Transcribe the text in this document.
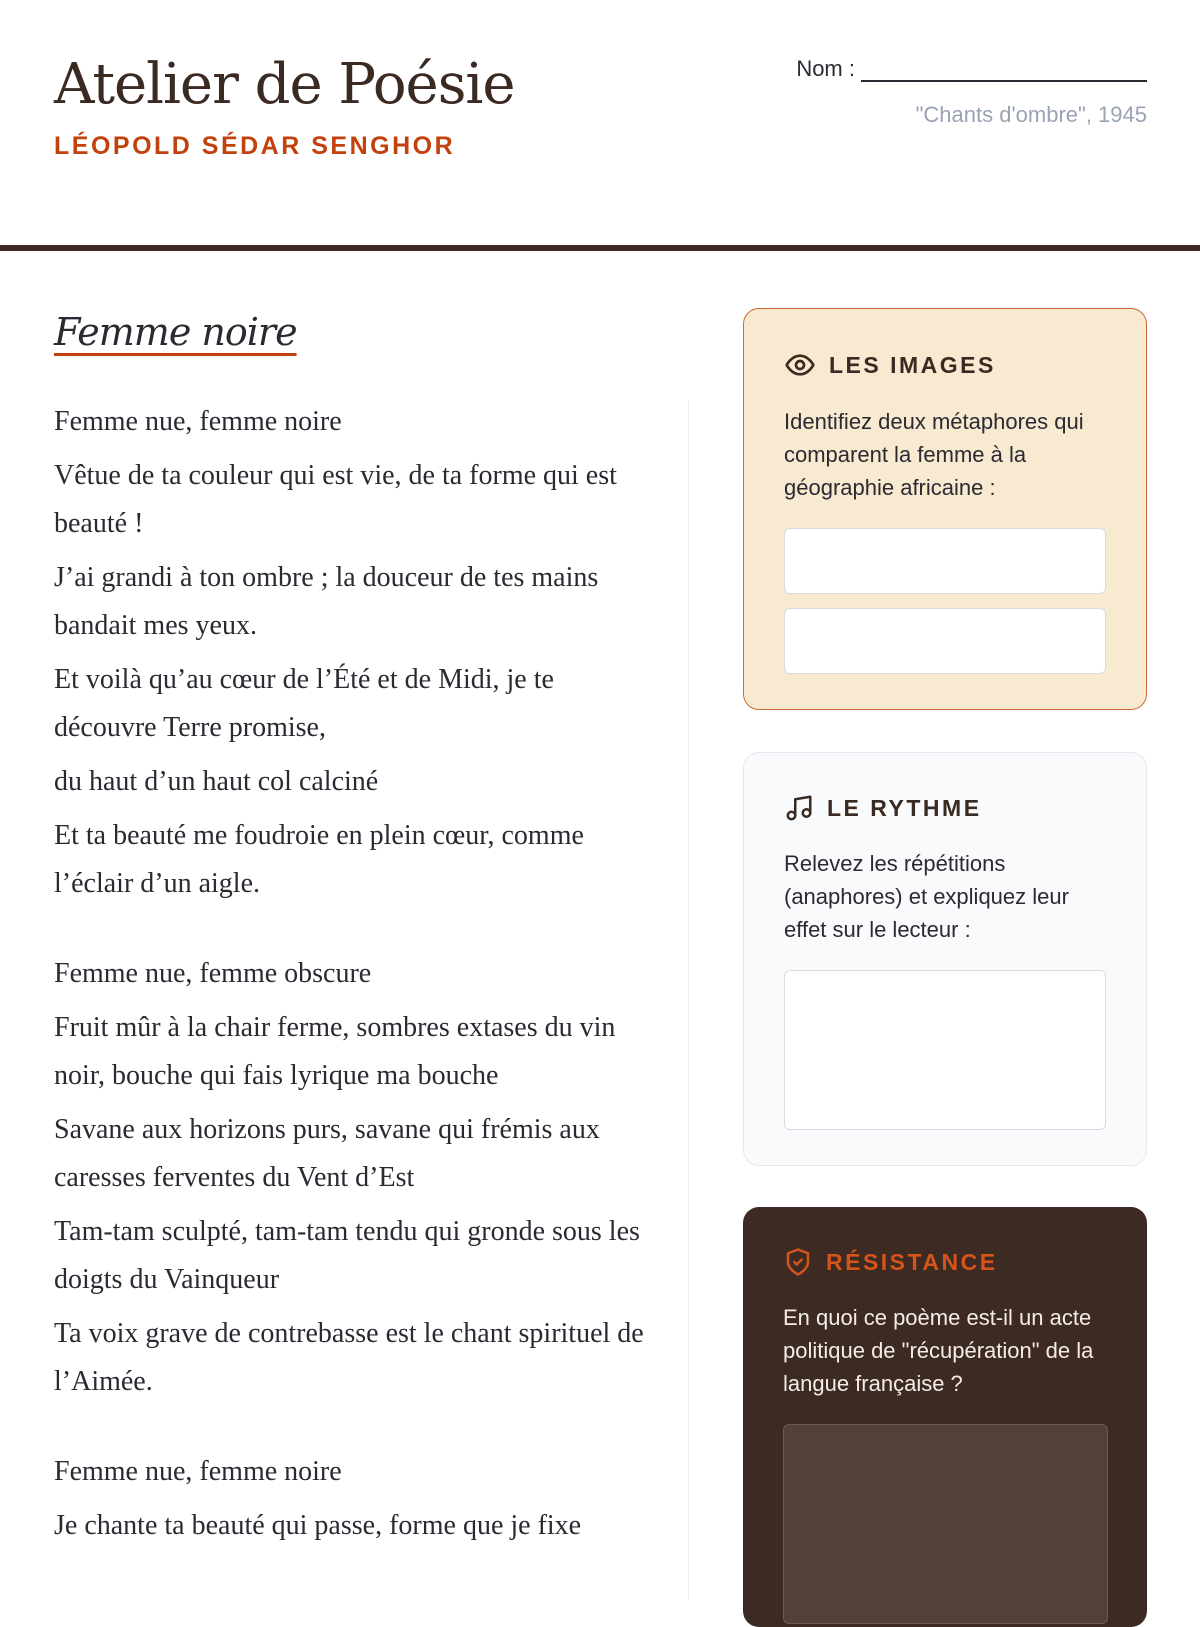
Atelier de Poésie
LÉOPOLD SÉDAR SENGHOR
Nom :
"Chants d'ombre", 1945
Femme noire
Femme nue, femme noire
Vêtue de ta couleur qui est vie, de ta forme qui est beauté !
J’ai grandi à ton ombre ; la douceur de tes mains bandait mes yeux.
Et voilà qu’au cœur de l’Été et de Midi, je te découvre Terre promise,
du haut d’un haut col calciné
Et ta beauté me foudroie en plein cœur, comme l’éclair d’un aigle.
Femme nue, femme obscure
Fruit mûr à la chair ferme, sombres extases du vin noir, bouche qui fais lyrique ma bouche
Savane aux horizons purs, savane qui frémis aux caresses ferventes du Vent d’Est
Tam-tam sculpté, tam-tam tendu qui gronde sous les doigts du Vainqueur
Ta voix grave de contrebasse est le chant spirituel de l’Aimée.
Femme nue, femme noire
Je chante ta beauté qui passe, forme que je fixe
LES IMAGES
Identifiez deux métaphores qui comparent la femme à la géographie africaine :
LE RYTHME
Relevez les répétitions (anaphores) et expliquez leur effet sur le lecteur :
RÉSISTANCE
En quoi ce poème est-il un acte politique de "récupération" de la langue française ?
